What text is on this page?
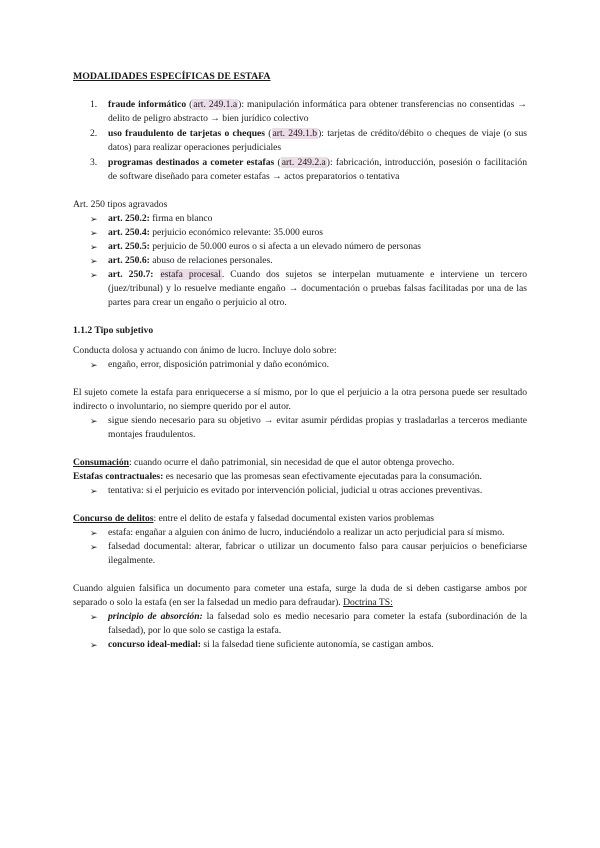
MODALIDADES ESPECÍFICAS DE ESTAFA
1. fraude informático (art. 249.1.a): manipulación informática para obtener transferencias no consentidas → delito de peligro abstracto → bien jurídico colectivo
2. uso fraudulento de tarjetas o cheques (art. 249.1.b): tarjetas de crédito/débito o cheques de viaje (o sus datos) para realizar operaciones perjudiciales
3. programas destinados a cometer estafas (art. 249.2.a): fabricación, introducción, posesión o facilitación de software diseñado para cometer estafas → actos preparatorios o tentativa

Art. 250 tipos agravados

➢ art. 250.2: firma en blanco
➢ art. 250.4: perjuicio económico relevante: 35.000 euros
➢ art. 250.5: perjuicio de 50.000 euros o si afecta a un elevado número de personas
➢ art. 250.6: abuso de relaciones personales.
➢ art. 250.7: estafa procesal. Cuando dos sujetos se interpelan mutuamente e interviene un tercero (juez/tribunal) y lo resuelve mediante engaño → documentación o pruebas falsas facilitadas por una de las partes para crear un engaño o perjuicio al otro.
1.1.2 Tipo subjetivo

Conducta dolosa y actuando con ánimo de lucro. Incluye dolo sobre:

➢ engaño, error, disposición patrimonial y daño económico.

El sujeto comete la estafa para enriquecerse a sí mismo, por lo que el perjuicio a la otra persona puede ser resultado indirecto o involuntario, no siempre querido por el autor.

➢ sigue siendo necesario para su objetivo → evitar asumir pérdidas propias y trasladarlas a terceros mediante montajes fraudulentos.

Consumación: cuando ocurre el daño patrimonial, sin necesidad de que el autor obtenga provecho.

Estafas contractuales: es necesario que las promesas sean efectivamente ejecutadas para la consumación.

➢ tentativa: si el perjuicio es evitado por intervención policial, judicial u otras acciones preventivas.

Concurso de delitos: entre el delito de estafa y falsedad documental existen varios problemas

➢ estafa: engañar a alguien con ánimo de lucro, induciéndolo a realizar un acto perjudicial para sí mismo.
➢ falsedad documental: alterar, fabricar o utilizar un documento falso para causar perjuicios o beneficiarse ilegalmente.

Cuando alguien falsifica un documento para cometer una estafa, surge la duda de si deben castigarse ambos por separado o solo la estafa (en ser la falsedad un medio para defraudar). Doctrina TS:

➢ principio de absorción: la falsedad solo es medio necesario para cometer la estafa (subordinación de la falsedad), por lo que solo se castiga la estafa.
➢ concurso ideal-medial: si la falsedad tiene suficiente autonomía, se castigan ambos.
